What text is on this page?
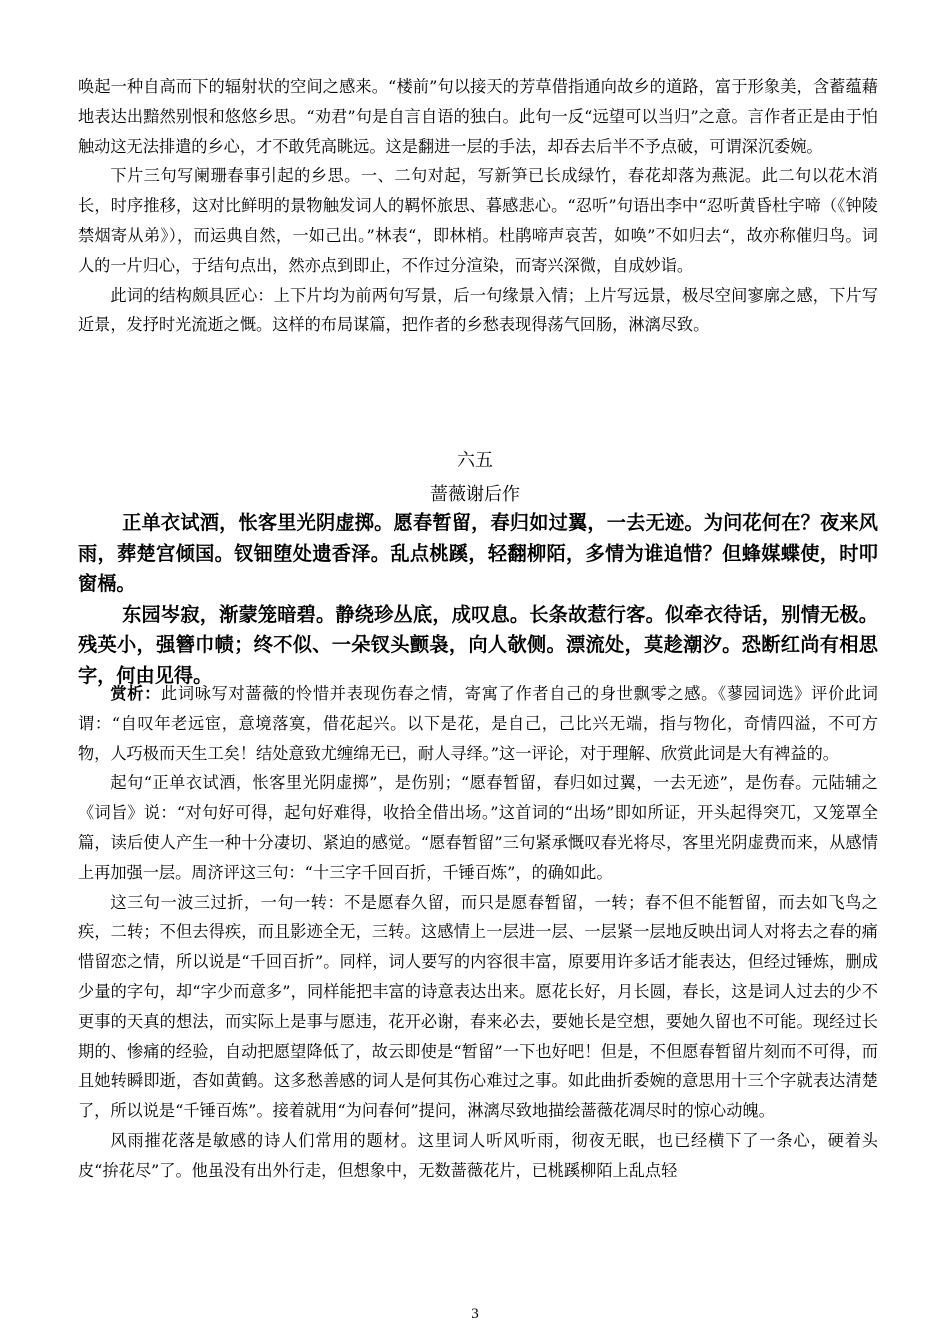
唤起一种自高而下的辐射状的空间之感来。“楼前”句以接天的芳草借指通向故乡的道路，富于形象美，含蓄蕴藉地表达出黯然别恨和悠悠乡思。“劝君”句是自言自语的独白。此句一反“远望可以当归”之意。言作者正是由于怕触动这无法排遣的乡心，才不敢凭高眺远。这是翻进一层的手法，却吞去后半不予点破，可谓深沉委婉。

下片三句写阑珊春事引起的乡思。一、二句对起，写新笋已长成绿竹，春花却落为燕泥。此二句以花木消长，时序推移，这对比鲜明的景物触发词人的羁怀旅思、暮感悲心。“忍听”句语出李中“忍听黄昏杜宇啼（《钟陵禁烟寄从弟》），而运典自然，一如己出。”林表“，即林梢。杜鹃啼声哀苦，如唤”不如归去“，故亦称催归鸟。词人的一片归心，于结句点出，然亦点到即止，不作过分渲染，而寄兴深微，自成妙诣。

此词的结构颇具匠心：上下片均为前两句写景，后一句缘景入情；上片写远景，极尽空间寥廓之感，下片写近景，发抒时光流逝之慨。这样的布局谋篇，把作者的乡愁表现得荡气回肠，淋漓尽致。

六五
蔷薇谢后作

正单衣试酒，怅客里光阴虚掷。愿春暂留，春归如过翼，一去无迹。为问花何在？夜来风雨，葬楚宫倾国。钗钿堕处遗香泽。乱点桃蹊，轻翻柳陌，多情为谁追惜？但蜂媒蝶使，时叩窗槅。

东园岑寂，渐蒙笼暗碧。静绕珍丛底，成叹息。长条故惹行客。似牵衣待话，别情无极。残英小，强簪巾帻；终不似、一朵钗头颤袅，向人欹侧。漂流处，莫趁潮汐。恐断红尚有相思字，何由见得。

赏析：此词咏写对蔷薇的怜惜并表现伤春之情，寄寓了作者自己的身世飘零之感。《蓼园词选》评价此词谓：“自叹年老远宦，意境落寞，借花起兴。以下是花，是自己，己比兴无端，指与物化，奇情四溢，不可方物，人巧极而天生工矣！结处意致尤缠绵无已，耐人寻绎。”这一评论，对于理解、欣赏此词是大有裨益的。

起句“正单衣试酒，怅客里光阴虚掷”，是伤别；“愿春暂留，春归如过翼，一去无迹”，是伤春。元陆辅之《词旨》说：“对句好可得，起句好难得，收拾全借出场。”这首词的“出场”即如所证，开头起得突兀，又笼罩全篇，读后使人产生一种十分凄切、紧迫的感觉。“愿春暂留”三句紧承慨叹春光将尽，客里光阴虚费而来，从感情上再加强一层。周济评这三句：“十三字千回百折，千锤百炼”，的确如此。

这三句一波三过折，一句一转：不是愿春久留，而只是愿春暂留，一转；春不但不能暂留，而去如飞鸟之疾，二转；不但去得疾，而且影迹全无，三转。这感情上一层进一层、一层紧一层地反映出词人对将去之春的痛惜留恋之情，所以说是“千回百折”。同样，词人要写的内容很丰富，原要用许多话才能表达，但经过锤炼，删成少量的字句，却“字少而意多”，同样能把丰富的诗意表达出来。愿花长好，月长圆，春长，这是词人过去的少不更事的天真的想法，而实际上是事与愿违，花开必谢，春来必去，要她长是空想，要她久留也不可能。现经过长期的、惨痛的经验，自动把愿望降低了，故云即使是“暂留”一下也好吧！但是，不但愿春暂留片刻而不可得，而且她转瞬即逝，杳如黄鹤。这多愁善感的词人是何其伤心难过之事。如此曲折委婉的意思用十三个字就表达清楚了，所以说是“千锤百炼”。接着就用“为问春何”提问，淋漓尽致地描绘蔷薇花凋尽时的惊心动魄。

风雨摧花落是敏感的诗人们常用的题材。这里词人听风听雨，彻夜无眠，也已经横下了一条心，硬着头皮“拚花尽”了。他虽没有出外行走，但想象中，无数蔷薇花片，已桃蹊柳陌上乱点轻

3
